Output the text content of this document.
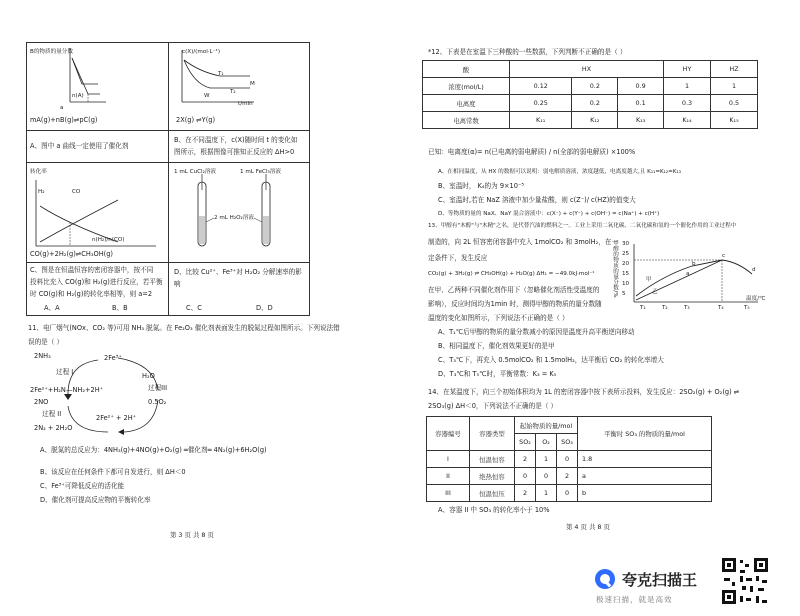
B的物质的量分数
n(A)
a
mA(g)+nB(g)⇌pC(g)
c(X)/(mol·L⁻¹)
T₁
T₂
M
W
t/min
2X(g) ⇌Y(g)
A、图中 a 曲线一定使用了催化剂
B、在不同温度下，c(X)随时间 t 的变化如
图所示，根据图像可推知正反应的 ΔH>0
转化率
H₂	CO
n(H₂)/n(CO)
CO(g)+2H₂(g)⇌CH₃OH(g)
1 mL CuCl₂溶液	1 mL FeCl₃溶液
2 mL H₂O₂溶液
C、图是在恒温恒容的密闭容器中，按不同
投料比充入 CO(g)和 H₂(g)进行反应，若平衡
时 CO(g)和 H₂(g)的转化率相等，则 a=2
D、比较 Cu²⁺、Fe³⁺对 H₂O₂ 分解速率的影
响
A、A	B、B	C、C	D、D
11、电厂烟气(NOx、CO₂ 等)可用 NH₃ 脱氮。在 Fe₂O₃ 催化剂表面发生的脱氮过程如图所示。下列说法错
误的是（ ）
2NH₃	2Fe³⁺
过程 I	H₂O
2Fe²⁺+H₂N—NH₂+2H⁺	过程III
2NO	0.5O₂
过程 II	2Fe²⁺ + 2H⁺
2N₂ + 2H₂O
A、脱氮的总反应为：4NH₃(g)+4NO(g)+O₂(g) ═催化剂═ 4N₂(g)+6H₂O(g)
B、该反应在任何条件下都可自发进行，则 ΔH＜0
C、Fe³⁺可降低反应的活化能
D、催化剂可提高反应物的平衡转化率
第 3 页 共 8 页
*12、下表是在室温下三种酸的一些数据，下列判断不正确的是（ ）
酸	HX			HY	HZ
浓度(mol/L)	0.12	0.2	0.9	1	1
电离度	0.25	0.2	0.1	0.3	0.5
电离常数	K₁₁	K₁₂	K₁₃	K₁₄	K₁₅
已知：电离度(α)= n(已电离的弱电解质) / n(全部的弱电解质) ×100%
A、在相同温度，从 HX 的数据可以说明：弱电解质溶液，浓度越低，电离度越大,且 K₁₁=K₁₂=K₁₃
B、室温时， K₄的为 9×10⁻⁵
C、室温时,若在 NaZ 溶液中加少量盐酸，则 c(Z⁻)/ c(HZ)的值变大
D、等物质的量的 NaX、NaY 混合溶液中：c(X⁻) + c(Y⁻) + c(OH⁻) = c(Na⁺) + c(H⁺)
13、甲醇有"木醇"与"木精"之名，是代替汽油的燃料之一。工业上采用二氧化碳、二氧化碳和氢的一个催化作用的工业过程中
制造的，向 2L 恒容密闭容器中充入 1molCO₂ 和 3molH₂，在一
定条件下，发生反应
CO₂(g) + 3H₂(g) ⇌ CH₃OH(g) + H₂O(g) ΔH₁ = −49.0kJ·mol⁻¹
在甲、乙两种不同催化剂作用下（忽略催化剂活性受温度的
影响），反应时间均为1min 时，测得甲醇的物质的量分数随
温度的变化如图所示，下列说法不正确的是（ ）
甲醇的物质的量分数/% 30
25
20
15
10
5
T₁	T₂	T₃	T₄	T₅
温度/℃
甲
乙
a
b
c
d
A、T₁℃后甲醇的物质的量分数减小的原因是温度升高平衡逆向移动
B、相同温度下，催化剂效果更好的是甲
C、T₃℃下，再充入 0.5molCO₂ 和 1.5molH₂，达平衡后 CO₂ 的转化率增大
D、T₃℃和 T₅℃时，平衡常数：K₃ = K₅
14、在某温度下，向三个初始体积均为 1L 的密闭容器中按下表所示投料，发生反应：2SO₂(g) + O₂(g) ⇌
2SO₃(g) ΔH＜0，下列说法不正确的是（ ）
容器编号	容器类型	起始物质的量/mol			平衡时 SO₃ 的物质的量/mol
		SO₂	O₂	SO₃	
I	恒温恒容	2	1	0	1.8
II	绝热恒容	0	0	2	a
III	恒温恒压	2	1	0	b
A、容器 II 中 SO₃ 的转化率小于 10%
第 4 页 共 8 页
夸克扫描王
极速扫描，就是高效
